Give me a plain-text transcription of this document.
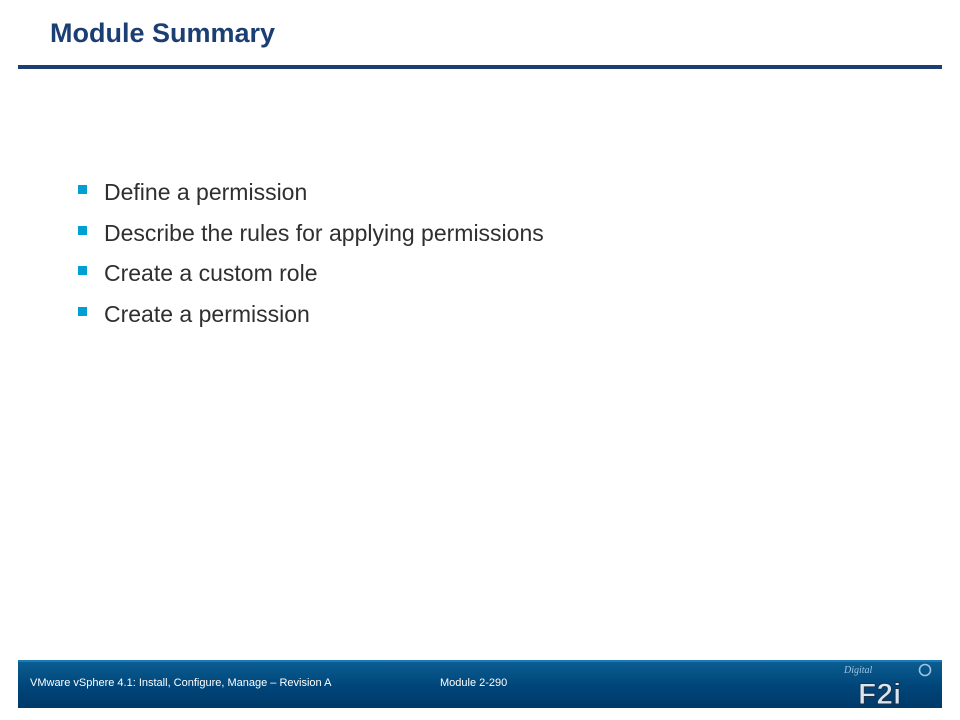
Module Summary
Define a permission
Describe the rules for applying permissions
Create a custom role
Create a permission
VMware vSphere 4.1: Install, Configure, Manage – Revision A	Module 2-290
Digital
F2i
